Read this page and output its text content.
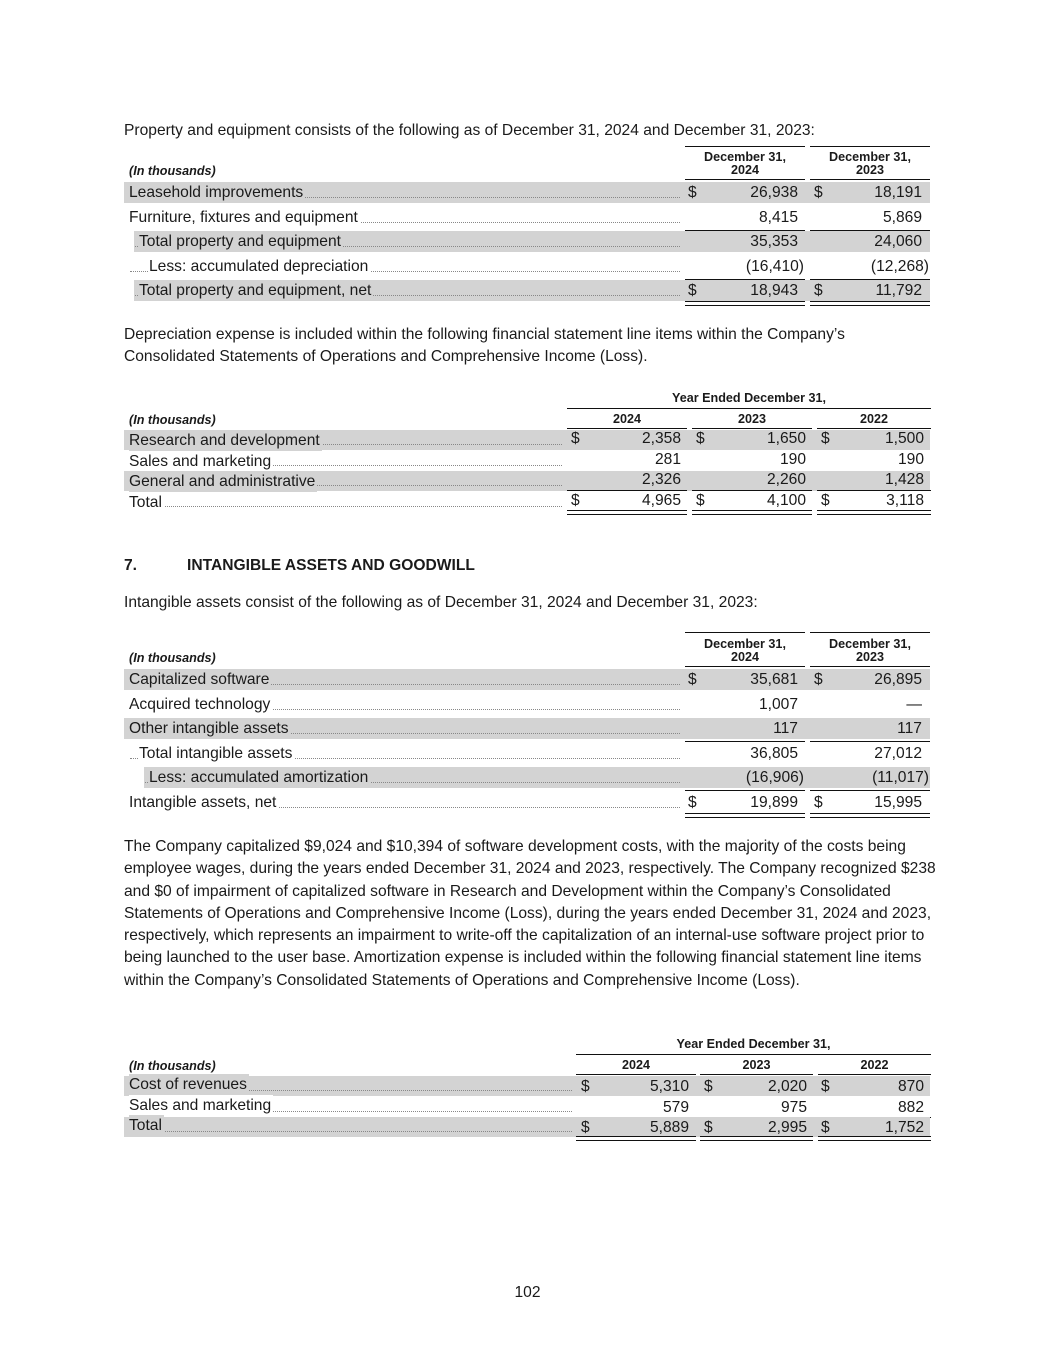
Property and equipment consists of the following as of December 31, 2024 and December 31, 2023:
December 31,
2024
December 31,
2023
(In thousands)
Leasehold improvements	$	26,938 $	18,191
Furniture, fixtures and equipment	8,415	5,869
Total property and equipment	35,353	24,060
Less: accumulated depreciation	(16,410)	(12,268)
Total property and equipment, net	$	18,943 $	11,792
Depreciation expense is included within the following financial statement line items within the Company’s Consolidated Statements of Operations and Comprehensive Income (Loss).
Year Ended December 31,
(In thousands)	2024	2023	2022
Research and development	$	2,358 $	1,650 $	1,500
Sales and marketing	281	190	190
General and administrative	2,326	2,260	1,428
Total	$	4,965 $	4,100 $	3,118
7.	INTANGIBLE ASSETS AND GOODWILL
Intangible assets consist of the following as of December 31, 2024 and December 31, 2023:
December 31,
2024
December 31,
2023
(In thousands)
Capitalized software	$	35,681 $	26,895
Acquired technology	1,007	—
Other intangible assets	117	117
Total intangible assets	36,805	27,012
Less: accumulated amortization	(16,906)	(11,017)
Intangible assets, net	$	19,899 $	15,995
The Company capitalized $9,024 and $10,394 of software development costs, with the majority of the costs being employee wages, during the years ended December 31, 2024 and 2023, respectively. The Company recognized $238 and $0 of impairment of capitalized software in Research and Development within the Company’s Consolidated Statements of Operations and Comprehensive Income (Loss), during the years ended December 31, 2024 and 2023, respectively, which represents an impairment to write-off the capitalization of an internal-use software project prior to being launched to the user base. Amortization expense is included within the following financial statement line items within the Company’s Consolidated Statements of Operations and Comprehensive Income (Loss).
Year Ended December 31,
(In thousands)	2024	2023	2022
Cost of revenues	$	5,310 $	2,020 $	870
Sales and marketing	579	975	882
Total	$	5,889 $	2,995 $	1,752
102
